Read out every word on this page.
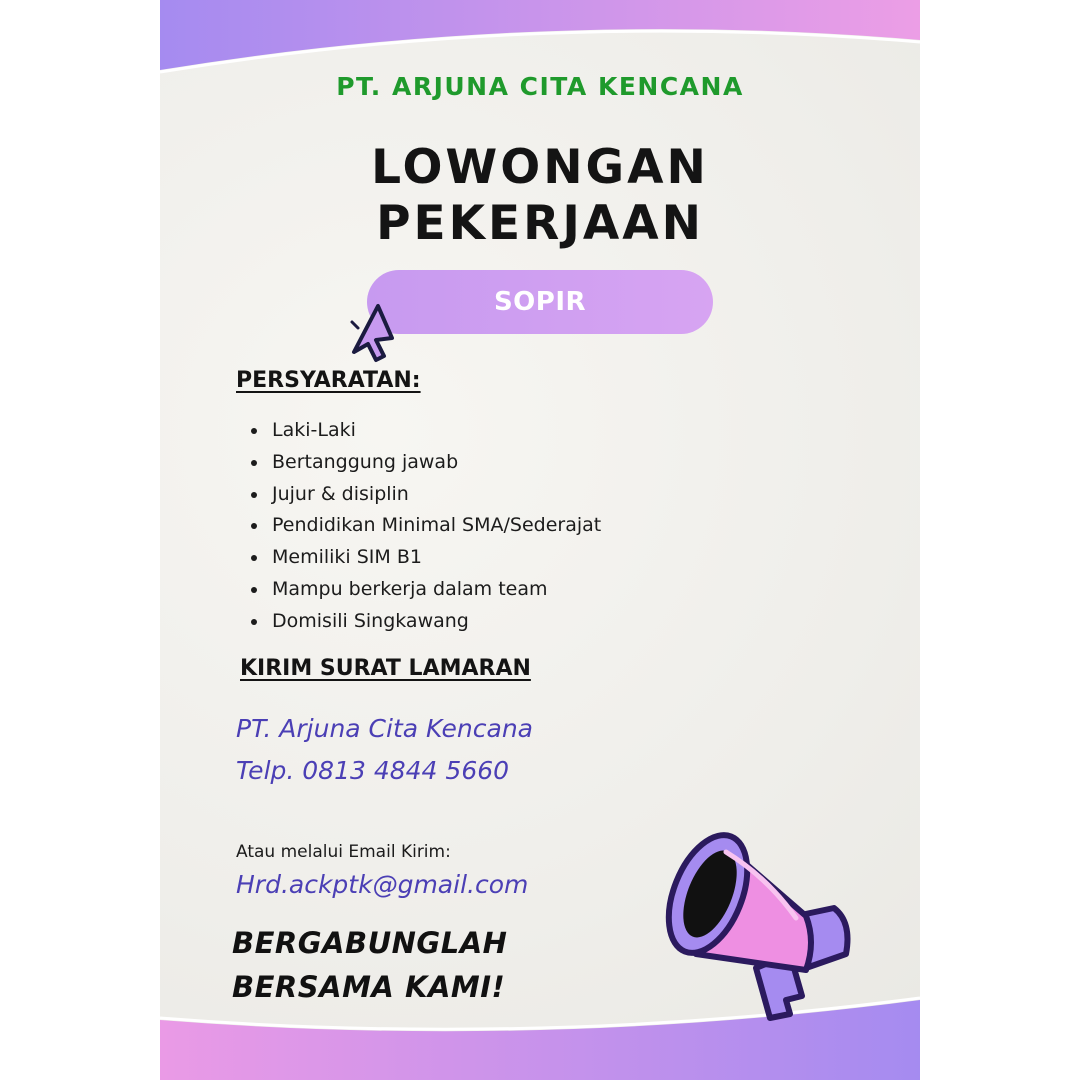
PT. ARJUNA CITA KENCANA
LOWONGAN
PEKERJAAN
SOPIR
PERSYARATAN:
Laki-Laki
Bertanggung jawab
Jujur & disiplin
Pendidikan Minimal SMA/Sederajat
Memiliki SIM B1
Mampu berkerja dalam team
Domisili Singkawang
KIRIM SURAT LAMARAN
PT. Arjuna Cita Kencana
Telp. 0813 4844 5660
Atau melalui Email Kirim:
Hrd.ackptk@gmail.com
BERGABUNGLAH
BERSAMA KAMI!
